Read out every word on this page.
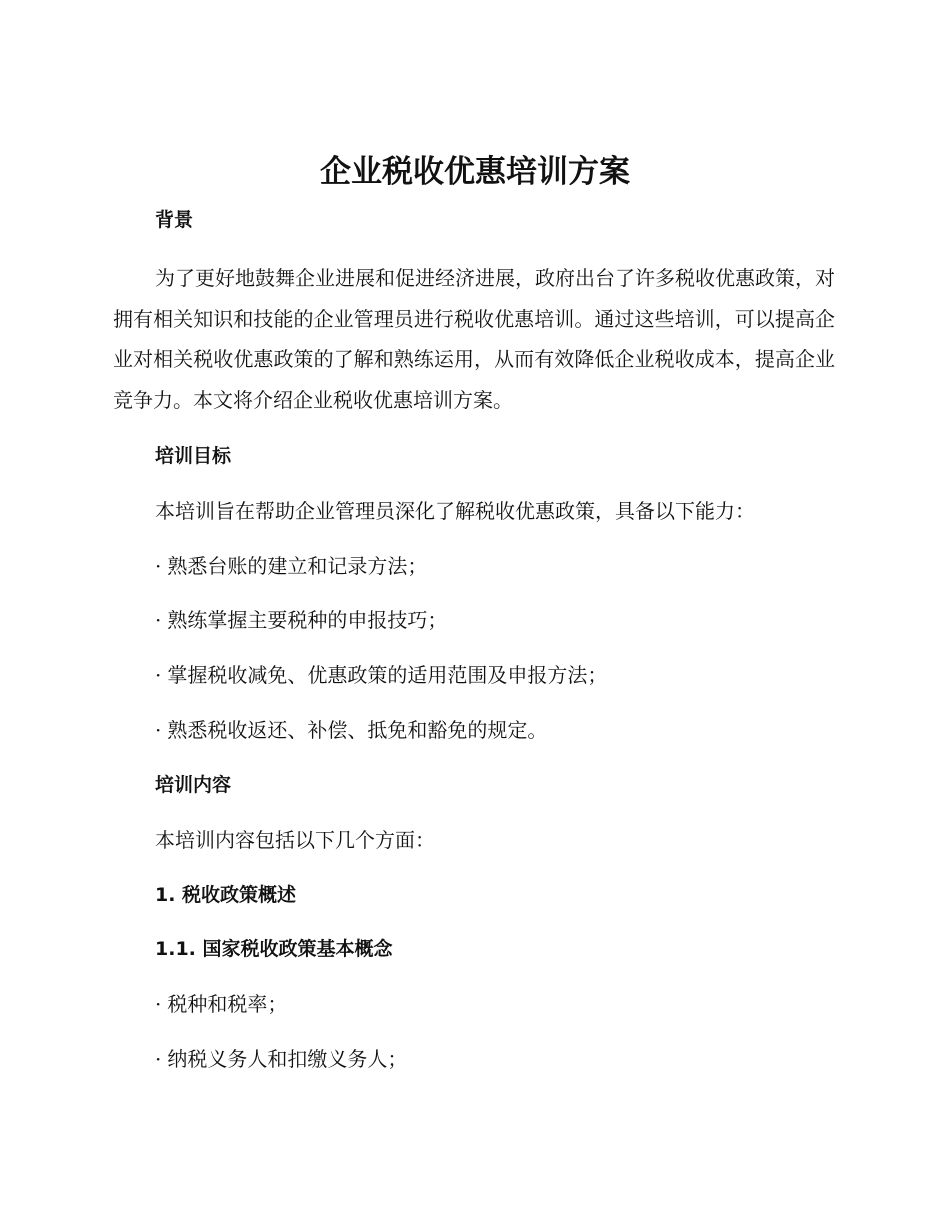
企业税收优惠培训方案
背景

为了更好地鼓舞企业进展和促进经济进展，政府出台了许多税收优惠政策，对拥有相关知识和技能的企业管理员进行税收优惠培训。通过这些培训，可以提高企业对相关税收优惠政策的了解和熟练运用，从而有效降低企业税收成本，提高企业竞争力。本文将介绍企业税收优惠培训方案。

培训目标

本培训旨在帮助企业管理员深化了解税收优惠政策，具备以下能力：

· 熟悉台账的建立和记录方法；
· 熟练掌握主要税种的申报技巧；
· 掌握税收减免、优惠政策的适用范围及申报方法；
· 熟悉税收返还、补偿、抵免和豁免的规定。
培训内容

本培训内容包括以下几个方面：

1. 税收政策概述
1.1. 国家税收政策基本概念
· 税种和税率；
· 纳税义务人和扣缴义务人；
